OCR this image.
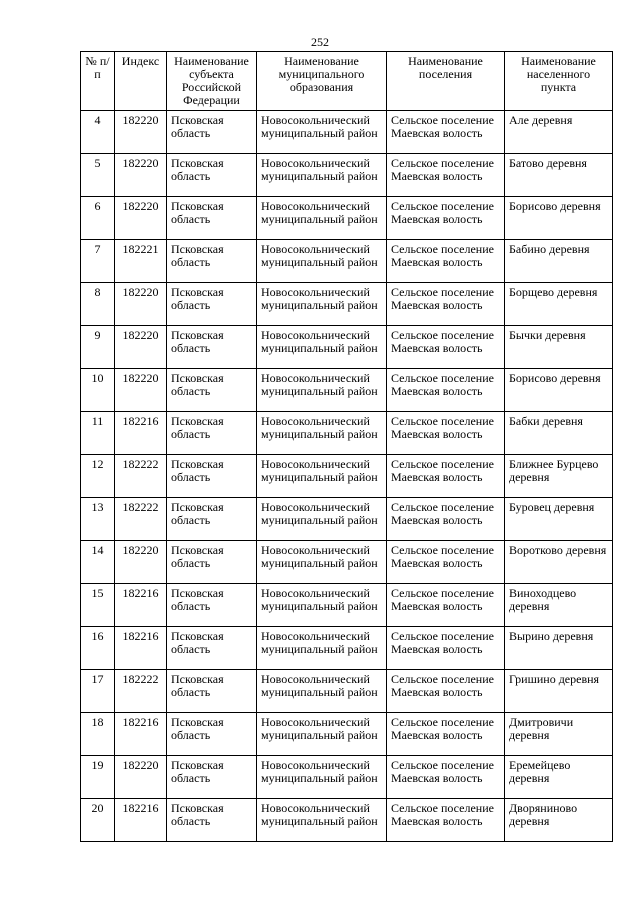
252
№ п/п	Индекс	Наименование субъекта Российской Федерации	Наименование муниципального образования	Наименование поселения	Наименование населенного пункта
4	182220	Псковская область	Новосокольнический муниципальный район	Сельское поселение Маевская волость	Але деревня
5	182220	Псковская область	Новосокольнический муниципальный район	Сельское поселение Маевская волость	Батово деревня
6	182220	Псковская область	Новосокольнический муниципальный район	Сельское поселение Маевская волость	Борисово деревня
7	182221	Псковская область	Новосокольнический муниципальный район	Сельское поселение Маевская волость	Бабино деревня
8	182220	Псковская область	Новосокольнический муниципальный район	Сельское поселение Маевская волость	Борщево деревня
9	182220	Псковская область	Новосокольнический муниципальный район	Сельское поселение Маевская волость	Бычки деревня
10	182220	Псковская область	Новосокольнический муниципальный район	Сельское поселение Маевская волость	Борисово деревня
11	182216	Псковская область	Новосокольнический муниципальный район	Сельское поселение Маевская волость	Бабки деревня
12	182222	Псковская область	Новосокольнический муниципальный район	Сельское поселение Маевская волость	Ближнее Бурцево деревня
13	182222	Псковская область	Новосокольнический муниципальный район	Сельское поселение Маевская волость	Буровец деревня
14	182220	Псковская область	Новосокольнический муниципальный район	Сельское поселение Маевская волость	Воротково деревня
15	182216	Псковская область	Новосокольнический муниципальный район	Сельское поселение Маевская волость	Виноходцево деревня
16	182216	Псковская область	Новосокольнический муниципальный район	Сельское поселение Маевская волость	Вырино деревня
17	182222	Псковская область	Новосокольнический муниципальный район	Сельское поселение Маевская волость	Гришино деревня
18	182216	Псковская область	Новосокольнический муниципальный район	Сельское поселение Маевская волость	Дмитровичи деревня
19	182220	Псковская область	Новосокольнический муниципальный район	Сельское поселение Маевская волость	Еремейцево деревня
20	182216	Псковская область	Новосокольнический муниципальный район	Сельское поселение Маевская волость	Дворяниново деревня
